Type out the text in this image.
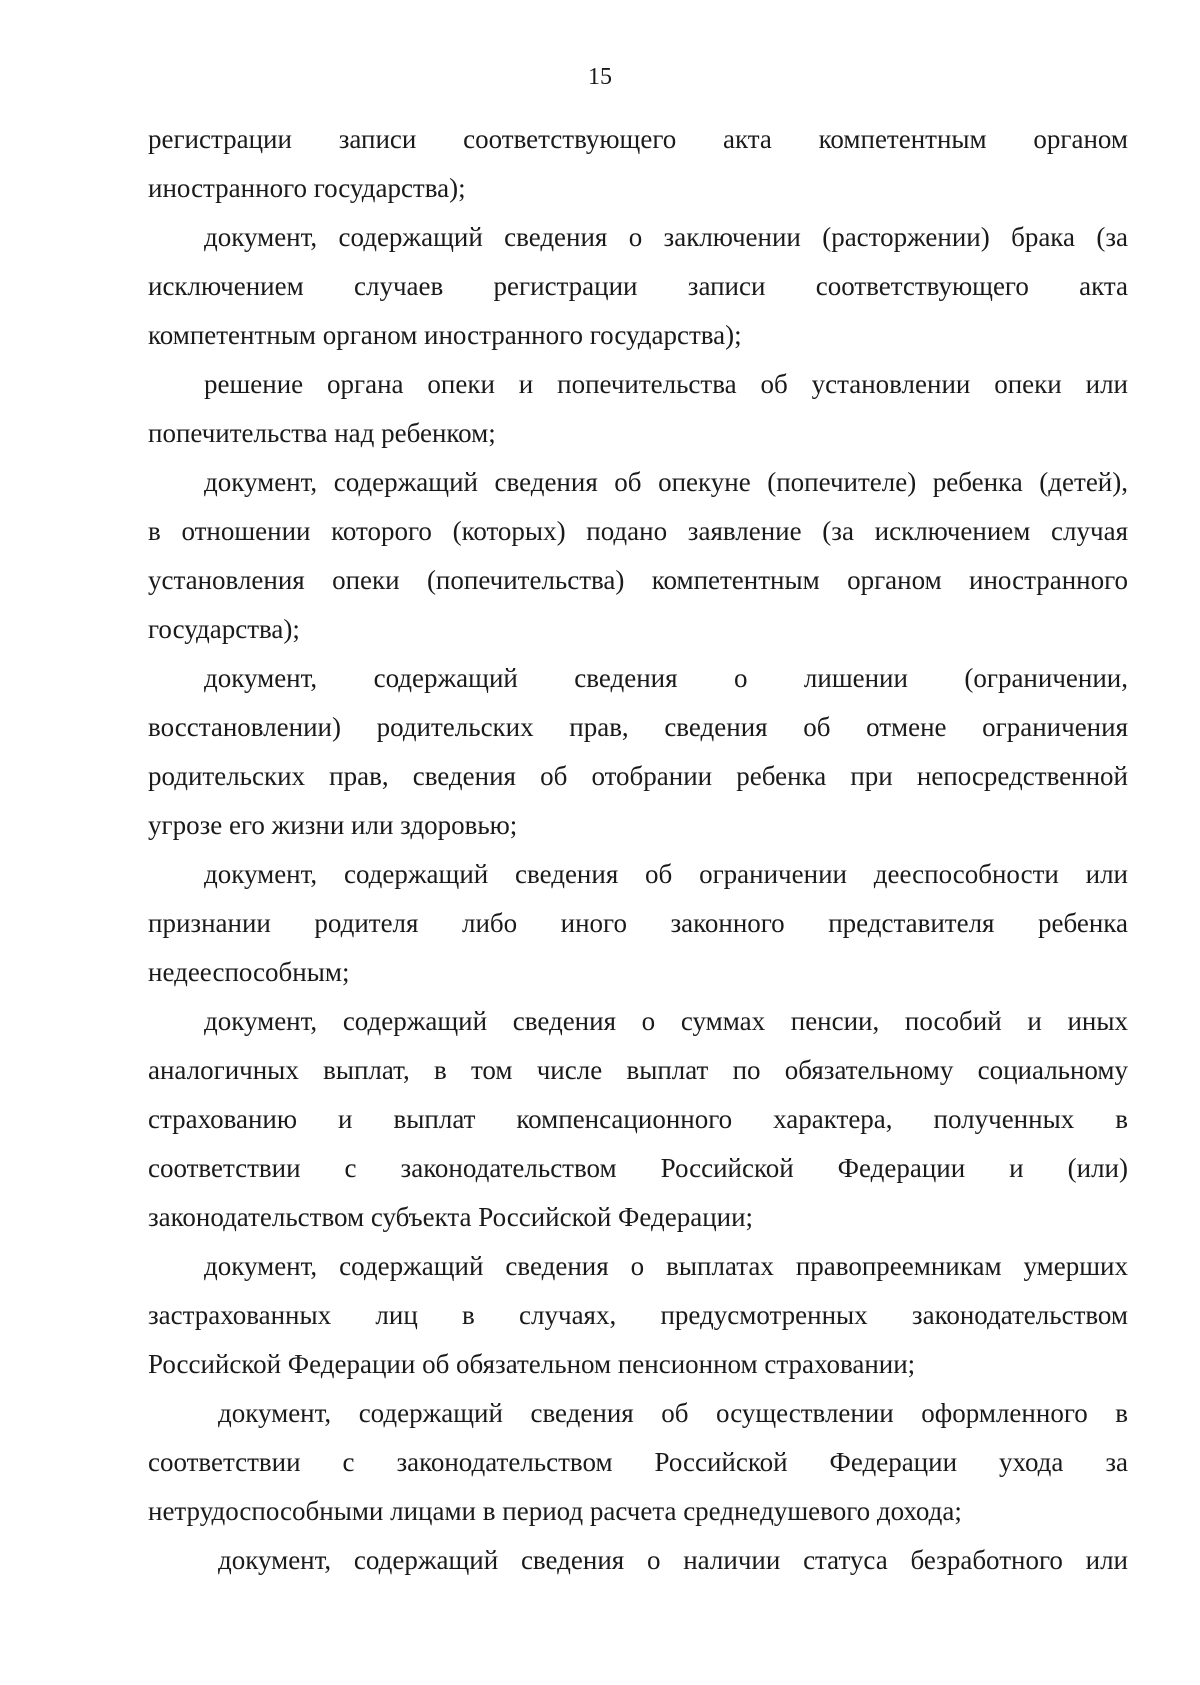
15
регистрации записи соответствующего акта компетентным органом
иностранного государства);
документ, содержащий сведения о заключении (расторжении) брака (за
исключением случаев регистрации записи соответствующего акта
компетентным органом иностранного государства);
решение органа опеки и попечительства об установлении опеки или
попечительства над ребенком;
документ, содержащий сведения об опекуне (попечителе) ребенка (детей),
в отношении которого (которых) подано заявление (за исключением случая
установления опеки (попечительства) компетентным органом иностранного
государства);
документ, содержащий сведения о лишении (ограничении,
восстановлении) родительских прав, сведения об отмене ограничения
родительских прав, сведения об отобрании ребенка при непосредственной
угрозе его жизни или здоровью;
документ, содержащий сведения об ограничении дееспособности или
признании родителя либо иного законного представителя ребенка
недееспособным;
документ, содержащий сведения о суммах пенсии, пособий и иных
аналогичных выплат, в том числе выплат по обязательному социальному
страхованию и выплат компенсационного характера, полученных в
соответствии с законодательством Российской Федерации и (или)
законодательством субъекта Российской Федерации;
документ, содержащий сведения о выплатах правопреемникам умерших
застрахованных лиц в случаях, предусмотренных законодательством
Российской Федерации об обязательном пенсионном страховании;
документ, содержащий сведения об осуществлении оформленного в
соответствии с законодательством Российской Федерации ухода за
нетрудоспособными лицами в период расчета среднедушевого дохода;
документ, содержащий сведения о наличии статуса безработного или
